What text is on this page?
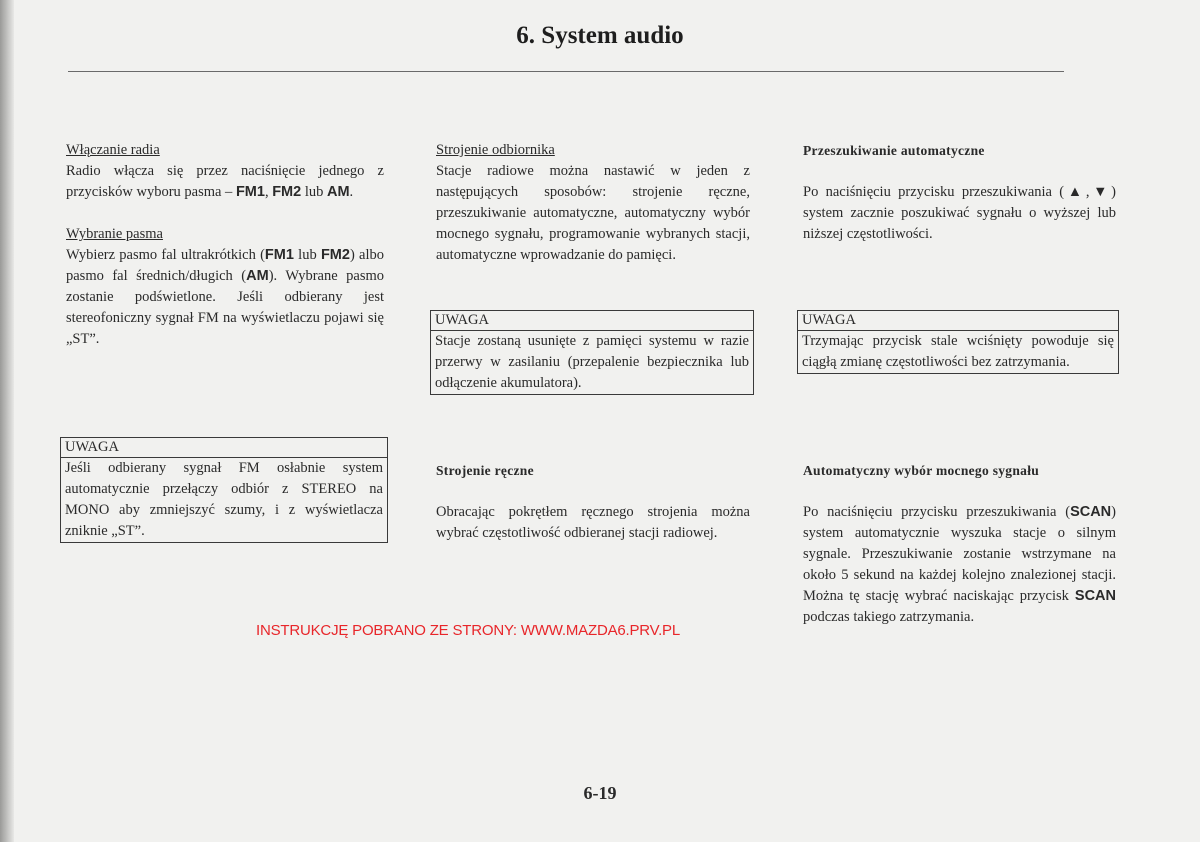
6. System audio

Włączanie radia

Radio włącza się przez naciśnięcie jednego z przycisków wyboru pasma – FM1, FM2 lub AM.

Wybranie pasma

Wybierz pasmo fal ultrakrótkich (FM1 lub FM2) albo pasmo fal średnich/długich (AM). Wybrane pasmo zostanie podświetlone. Jeśli odbierany jest stereofoniczny sygnał FM na wyświetlaczu pojawi się „ST”.

UWAGA
Jeśli odbierany sygnał FM osłabnie system automatycznie przełączy odbiór z STEREO na MONO aby zmniejszyć szumy, i z wyświetlacza zniknie „ST”.

Strojenie odbiornika

Stacje radiowe można nastawić w jeden z następujących sposobów: strojenie ręczne, przeszukiwanie automatyczne, automatyczny wybór mocnego sygnału, programowanie wybranych stacji, automatyczne wprowadzanie do pamięci.

UWAGA
Stacje zostaną usunięte z pamięci systemu w razie przerwy w zasilaniu (przepalenie bezpiecznika lub odłączenie akumulatora).

Strojenie ręczne

Obracając pokrętłem ręcznego strojenia można wybrać częstotliwość odbieranej stacji radiowej.

Przeszukiwanie automatyczne

Po naciśnięciu przycisku przeszukiwania (▲,▼) system zacznie poszukiwać sygnału o wyższej lub niższej częstotliwości.

UWAGA
Trzymając przycisk stale wciśnięty powoduje się ciągłą zmianę częstotliwości bez zatrzymania.

Automatyczny wybór mocnego sygnału

Po naciśnięciu przycisku przeszukiwania (SCAN) system automatycznie wyszuka stacje o silnym sygnale. Przeszukiwanie zostanie wstrzymane na około 5 sekund na każdej kolejno znalezionej stacji. Można tę stację wybrać naciskając przycisk SCAN podczas takiego zatrzymania.

INSTRUKCJĘ POBRANO ZE STRONY: WWW.MAZDA6.PRV.PL
6-19
